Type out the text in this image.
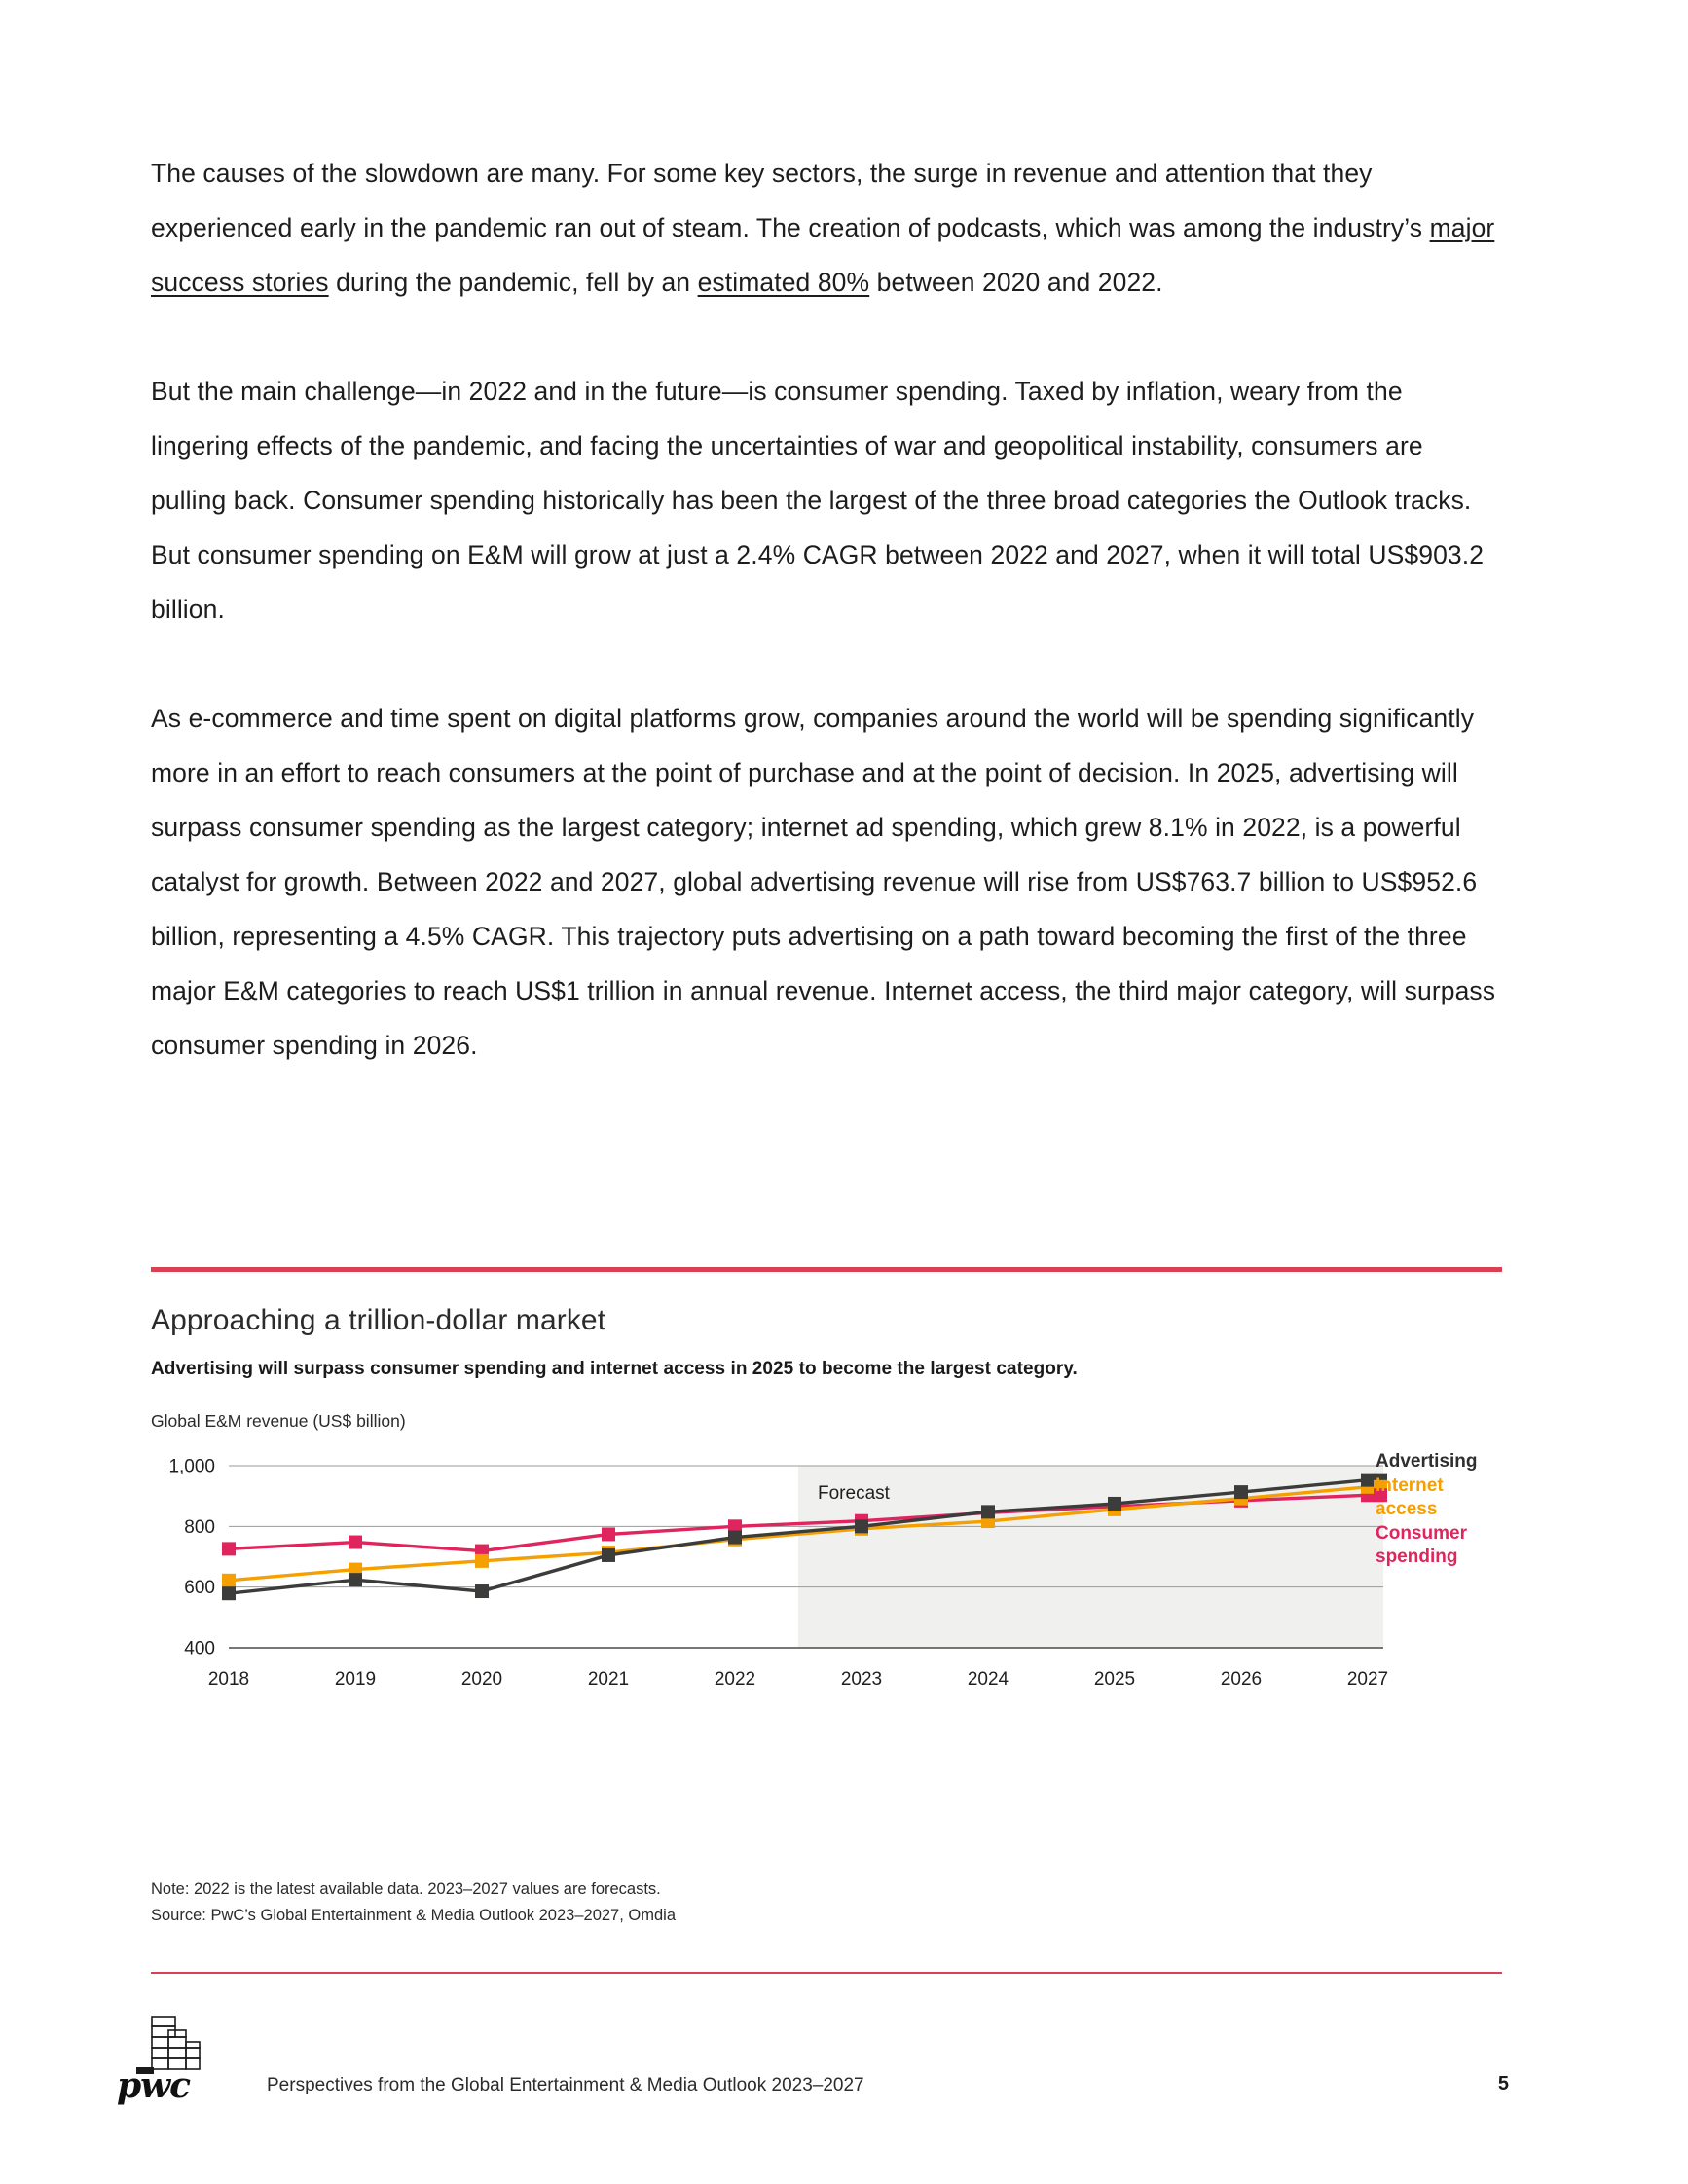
The causes of the slowdown are many. For some key sectors, the surge in revenue and attention that they experienced early in the pandemic ran out of steam. The creation of podcasts, which was among the industry’s major success stories during the pandemic, fell by an estimated 80% between 2020 and 2022.

But the main challenge—in 2022 and in the future—is consumer spending. Taxed by inflation, weary from the lingering effects of the pandemic, and facing the uncertainties of war and geopolitical instability, consumers are pulling back. Consumer spending historically has been the largest of the three broad categories the Outlook tracks. But consumer spending on E&M will grow at just a 2.4% CAGR between 2022 and 2027, when it will total US$903.2 billion.

As e-commerce and time spent on digital platforms grow, companies around the world will be spending significantly more in an effort to reach consumers at the point of purchase and at the point of decision. In 2025, advertising will surpass consumer spending as the largest category; internet ad spending, which grew 8.1% in 2022, is a powerful catalyst for growth. Between 2022 and 2027, global advertising revenue will rise from US$763.7 billion to US$952.6 billion, representing a 4.5% CAGR. This trajectory puts advertising on a path toward becoming the first of the three major E&M categories to reach US$1 trillion in annual revenue. Internet access, the third major category, will surpass consumer spending in 2026.

Approaching a trillion-dollar market

Advertising will surpass consumer spending and internet access in 2025 to become the largest category.

Global E&M revenue (US$ billion)
400
600
800
1,000
Forecast
2018	2019	2020	2021	2022	2023	2024	2025	2026	2027
Advertising
Internet access
Consumer spending
Note: 2022 is the latest available data. 2023–2027 values are forecasts.
Source: PwC’s Global Entertainment & Media Outlook 2023–2027, Omdia
pwc	Perspectives from the Global Entertainment & Media Outlook 2023–2027	5
